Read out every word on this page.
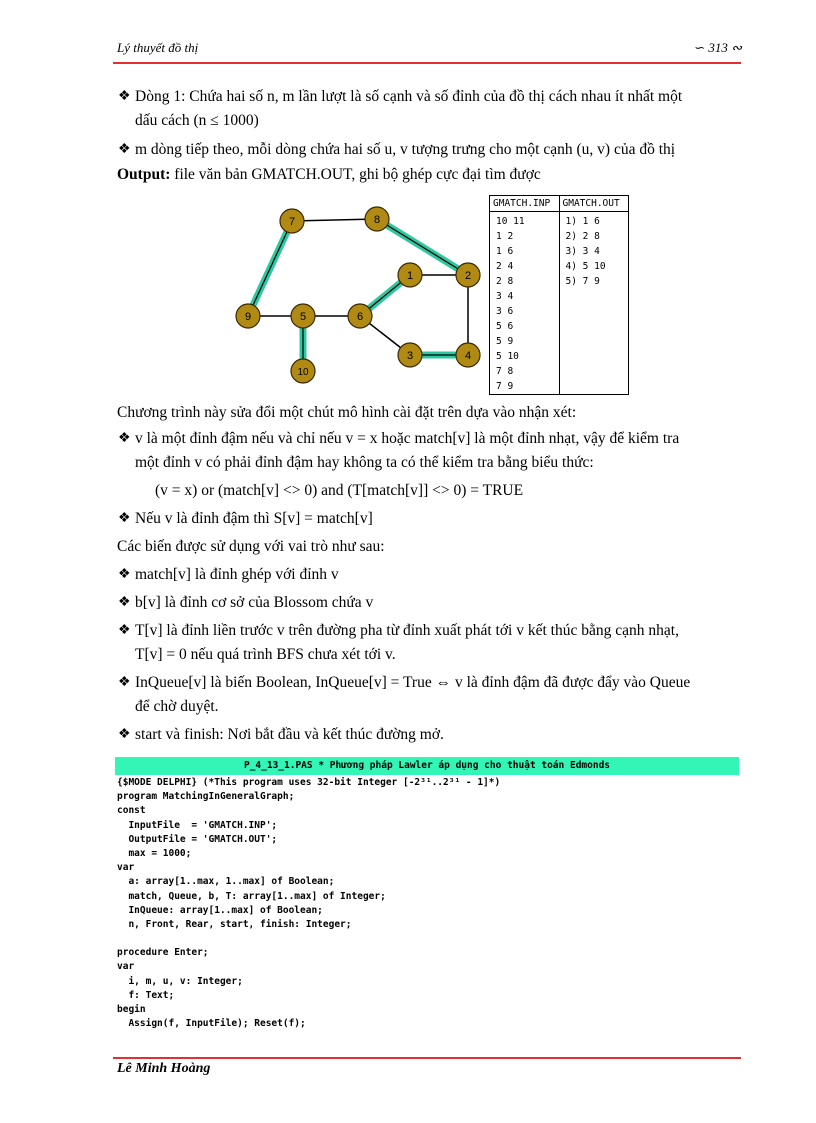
Lý thuyết đồ thị	∽ 313 ∾
❖ Dòng 1: Chứa hai số n, m lần lượt là số cạnh và số đỉnh của đồ thị cách nhau ít nhất một
dấu cách (n ≤ 1000)
❖ m dòng tiếp theo, mỗi dòng chứa hai số u, v tượng trưng cho một cạnh (u, v) của đồ thị
Output: file văn bản GMATCH.OUT, ghi bộ ghép cực đại tìm được
7	8
1	2
9	5	6
3	4
10
GMATCH.INP
10 11
1 2
1 6
2 4
2 8
3 4
3 6
5 6
5 9
5 10
7 8
7 9
GMATCH.OUT
1) 1 6
2) 2 8
3) 3 4
4) 5 10
5) 7 9
Chương trình này sửa đổi một chút mô hình cài đặt trên dựa vào nhận xét:
❖ v là một đỉnh đậm nếu và chỉ nếu v = x hoặc match[v] là một đỉnh nhạt, vậy để kiểm tra
một đỉnh v có phải đỉnh đậm hay không ta có thể kiểm tra bằng biểu thức:
(v = x) or (match[v] <> 0) and (T[match[v]] <> 0) = TRUE
❖ Nếu v là đỉnh đậm thì S[v] = match[v]
Các biến được sử dụng với vai trò như sau:
❖ match[v] là đỉnh ghép với đỉnh v
❖ b[v] là đỉnh cơ sở của Blossom chứa v
❖ T[v] là đỉnh liền trước v trên đường pha từ đỉnh xuất phát tới v kết thúc bằng cạnh nhạt,
T[v] = 0 nếu quá trình BFS chưa xét tới v.
❖ InQueue[v] là biến Boolean, InQueue[v] = True ⇔ v là đỉnh đậm đã được đẩy vào Queue
để chờ duyệt.
❖ start và finish: Nơi bắt đầu và kết thúc đường mở.
P_4_13_1.PAS * Phương pháp Lawler áp dụng cho thuật toán Edmonds
{$MODE DELPHI} (*This program uses 32-bit Integer [-2³¹..2³¹ - 1]*)
program MatchingInGeneralGraph;
const
InputFile  = 'GMATCH.INP';
OutputFile = 'GMATCH.OUT';
max = 1000;
var
a: array[1..max, 1..max] of Boolean;
match, Queue, b, T: array[1..max] of Integer;
InQueue: array[1..max] of Boolean;
n, Front, Rear, start, finish: Integer;
procedure Enter;
var
i, m, u, v: Integer;
f: Text;
begin
Assign(f, InputFile); Reset(f);
Lê Minh Hoàng
